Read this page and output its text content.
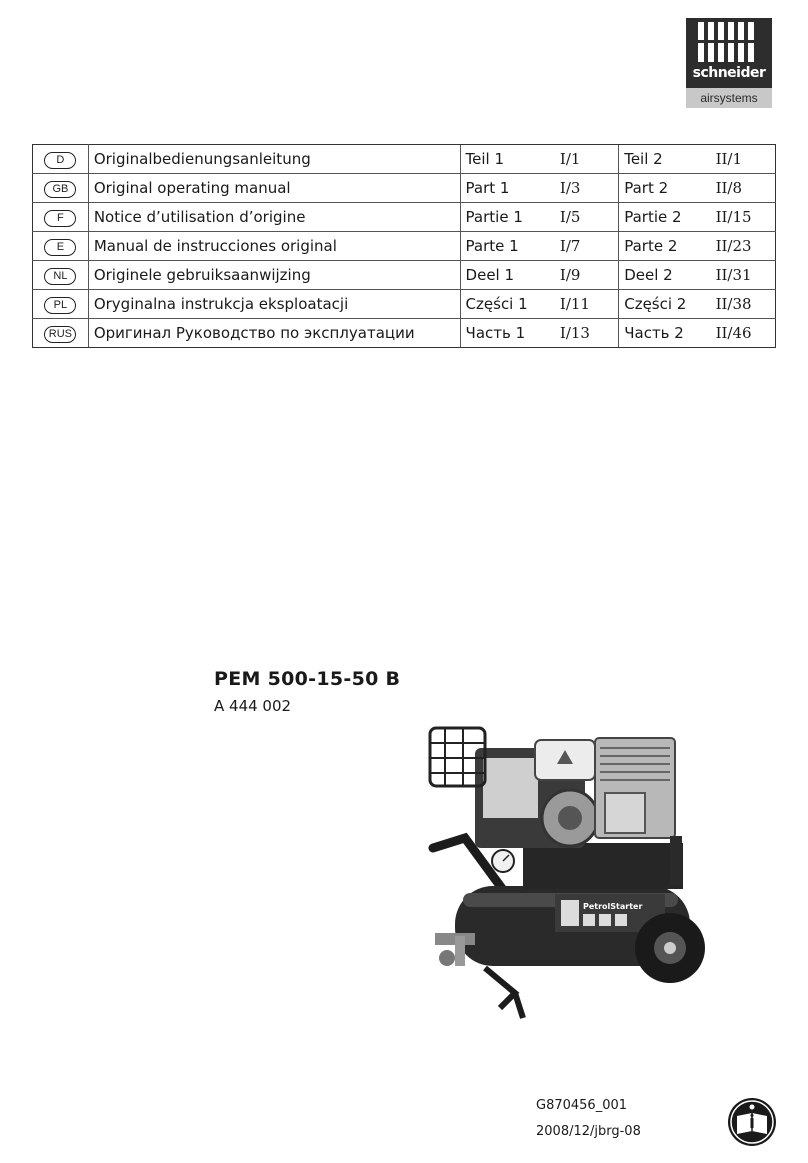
schneider
airsystems
D	Originalbedienungsanleitung	Teil 1	I/1	Teil 2	II/1
GB	Original operating manual	Part 1	I/3	Part 2	II/8
F	Notice d’utilisation d’origine	Partie 1	I/5	Partie 2	II/15
E	Manual de instrucciones original	Parte 1	I/7	Parte 2	II/23
NL	Originele gebruiksaanwijzing	Deel 1	I/9	Deel 2	II/31
PL	Oryginalna instrukcja eksploatacji	Części 1	I/11	Części 2	II/38
RUS	Оригинал Руководство по эксплуатации	Часть 1	I/13	Часть 2	II/46
PEM 500-15-50 B
A 444 002
PetrolStarter
G870456_001
2008/12/jbrg-08
